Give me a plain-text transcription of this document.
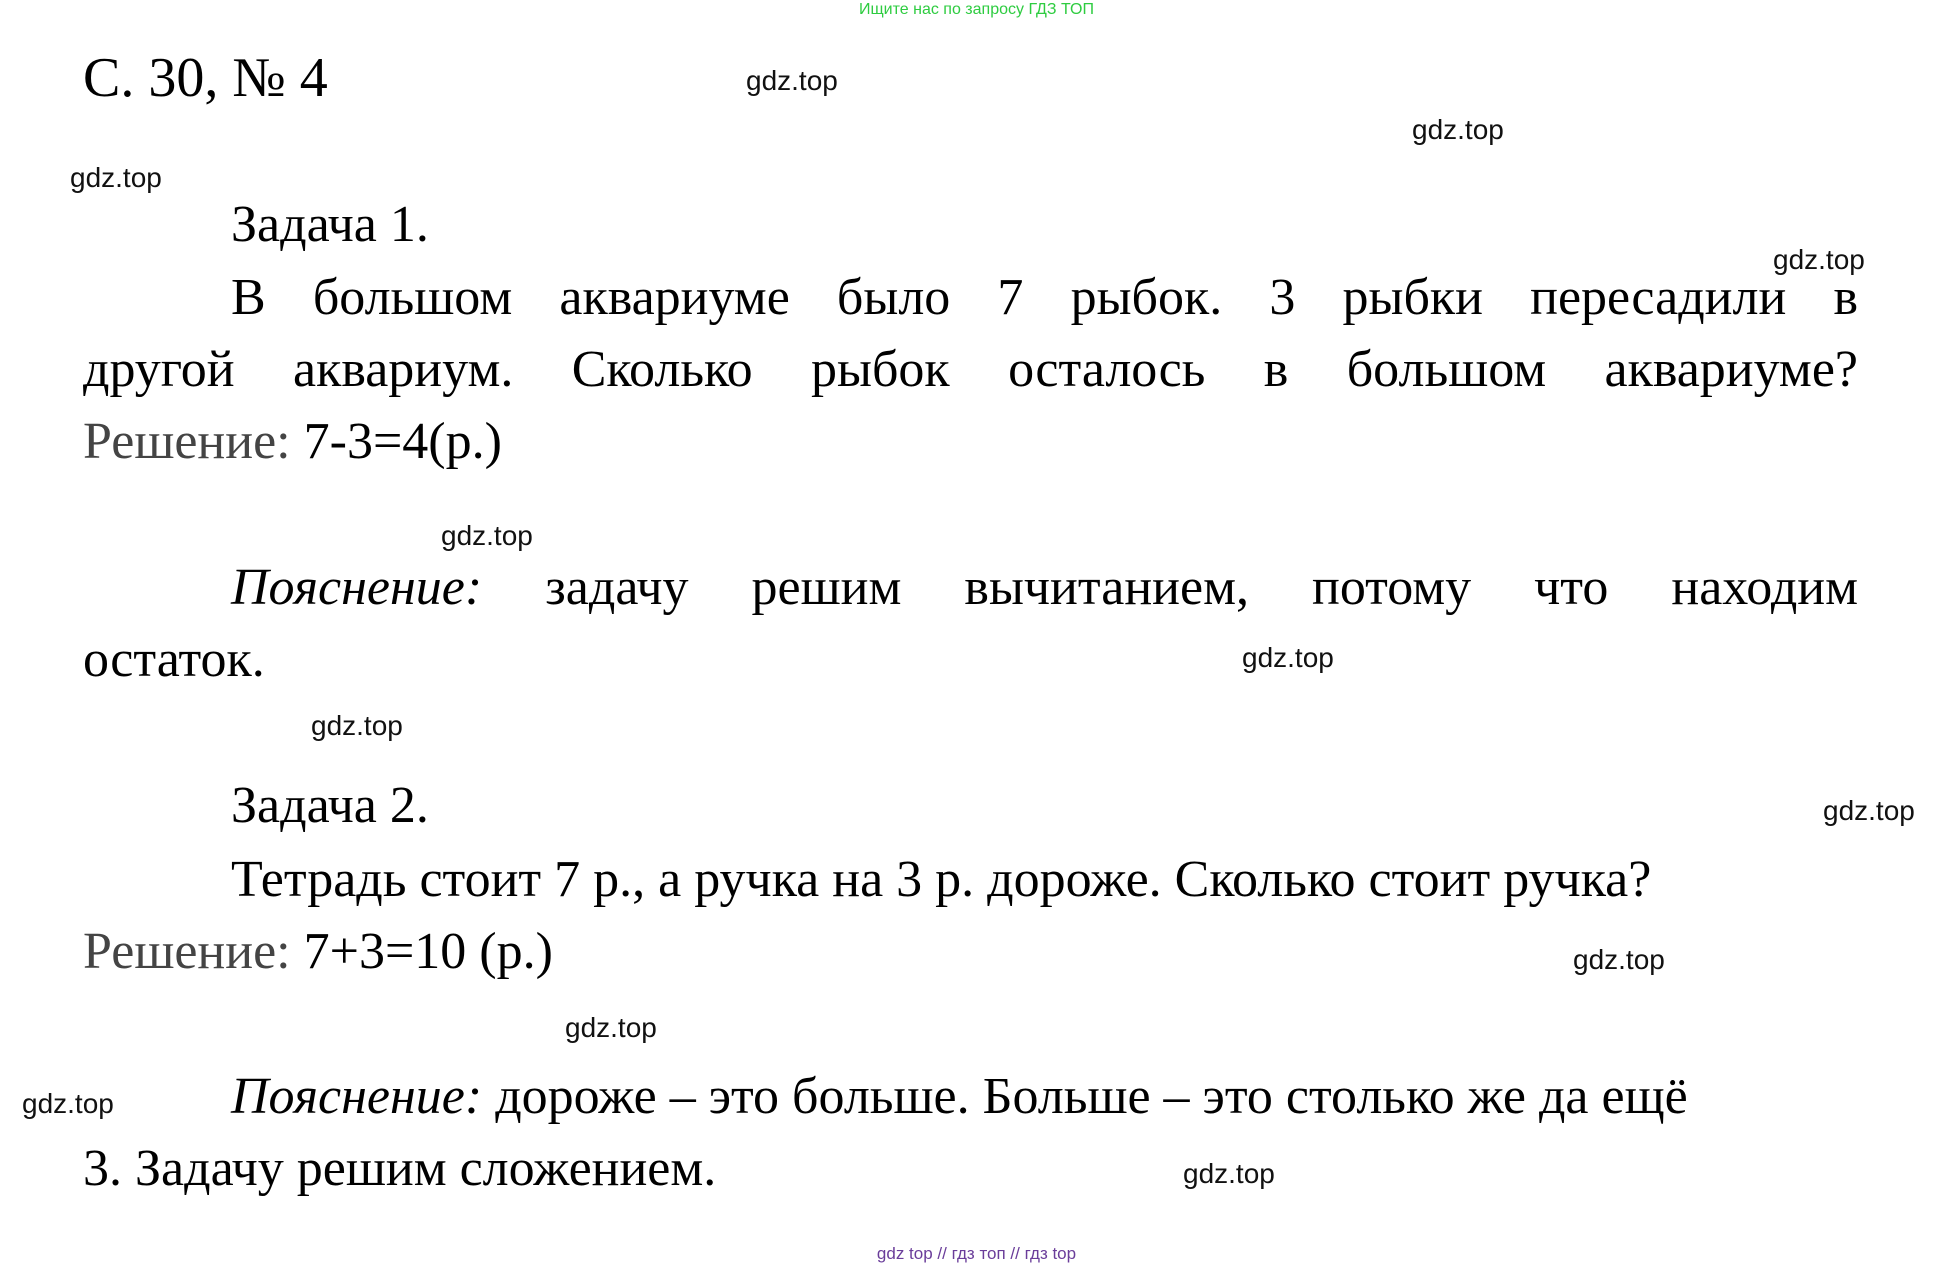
Ищите нас по запросу ГДЗ ТОП
С. 30, № 4
Задача 1.
В большом аквариуме было 7 рыбок. 3 рыбки пересадили в
другой аквариум. Сколько рыбок осталось в большом аквариуме?
Решение: 7-3=4(р.)
Пояснение: задачу решим вычитанием, потому что находим
остаток.
Задача 2.
Тетрадь стоит 7 р., а ручка на 3 р. дороже. Сколько стоит ручка?
Решение: 7+3=10 (р.)
Пояснение: дороже – это больше. Больше – это столько же да ещё
3. Задачу решим сложением.
gdz.top
gdz.top
gdz.top
gdz.top
gdz.top
gdz.top
gdz.top
gdz.top
gdz.top
gdz.top
gdz.top
gdz.top
gdz top // гдз топ // гдз top
